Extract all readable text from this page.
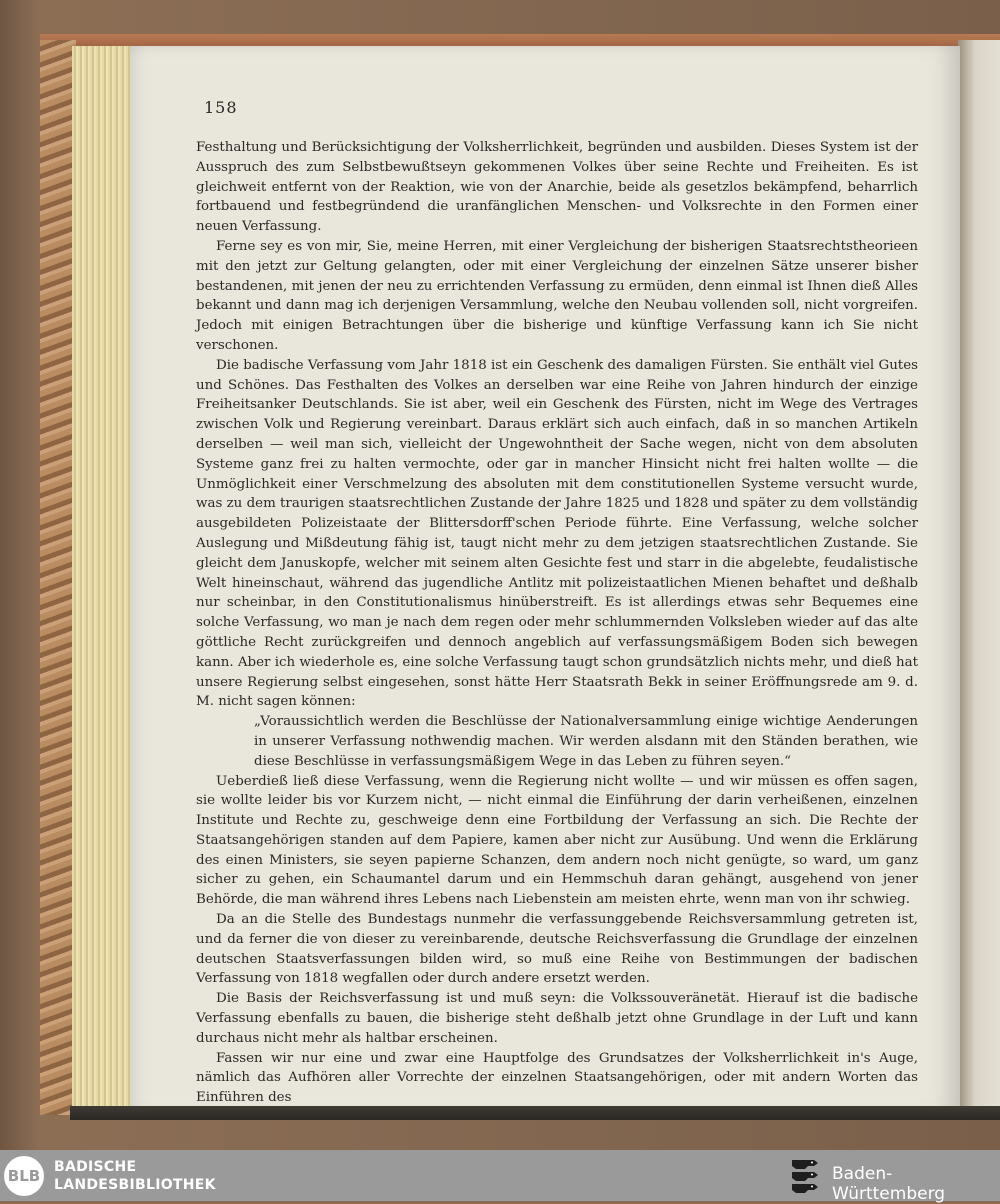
158

Festhaltung und Berücksichtigung der Volksherrlichkeit, begründen und ausbilden. Dieses System ist der Ausspruch des zum Selbstbewußtseyn gekommenen Volkes über seine Rechte und Freiheiten. Es ist gleichweit entfernt von der Reaktion, wie von der Anarchie, beide als gesetzlos bekämpfend, beharrlich fortbauend und festbegründend die uranfänglichen Menschen- und Volksrechte in den Formen einer neuen Verfassung.

Ferne sey es von mir, Sie, meine Herren, mit einer Vergleichung der bisherigen Staatsrechtstheorieen mit den jetzt zur Geltung gelangten, oder mit einer Vergleichung der einzelnen Sätze unserer bisher bestandenen, mit jenen der neu zu errichtenden Verfassung zu ermüden, denn einmal ist Ihnen dieß Alles bekannt und dann mag ich derjenigen Versammlung, welche den Neubau vollenden soll, nicht vorgreifen. Jedoch mit einigen Betrachtungen über die bisherige und künftige Verfassung kann ich Sie nicht verschonen.

Die badische Verfassung vom Jahr 1818 ist ein Geschenk des damaligen Fürsten. Sie enthält viel Gutes und Schönes. Das Festhalten des Volkes an derselben war eine Reihe von Jahren hindurch der einzige Freiheitsanker Deutschlands. Sie ist aber, weil ein Geschenk des Fürsten, nicht im Wege des Vertrages zwischen Volk und Regierung vereinbart. Daraus erklärt sich auch einfach, daß in so manchen Artikeln derselben — weil man sich, vielleicht der Ungewohntheit der Sache wegen, nicht von dem absoluten Systeme ganz frei zu halten vermochte, oder gar in mancher Hinsicht nicht frei halten wollte — die Unmöglichkeit einer Verschmelzung des absoluten mit dem constitutionellen Systeme versucht wurde, was zu dem traurigen staatsrechtlichen Zustande der Jahre 1825 und 1828 und später zu dem vollständig ausgebildeten Polizeistaate der Blittersdorff'schen Periode führte. Eine Verfassung, welche solcher Auslegung und Mißdeutung fähig ist, taugt nicht mehr zu dem jetzigen staatsrechtlichen Zustande. Sie gleicht dem Januskopfe, welcher mit seinem alten Gesichte fest und starr in die abgelebte, feudalistische Welt hineinschaut, während das jugendliche Antlitz mit polizeistaatlichen Mienen behaftet und deßhalb nur scheinbar, in den Constitutionalismus hinüberstreift. Es ist allerdings etwas sehr Bequemes eine solche Verfassung, wo man je nach dem regen oder mehr schlummernden Volksleben wieder auf das alte göttliche Recht zurückgreifen und dennoch angeblich auf verfassungsmäßigem Boden sich bewegen kann. Aber ich wiederhole es, eine solche Verfassung taugt schon grundsätzlich nichts mehr, und dieß hat unsere Regierung selbst eingesehen, sonst hätte Herr Staatsrath Bekk in seiner Eröffnungsrede am 9. d. M. nicht sagen können:

„Voraussichtlich werden die Beschlüsse der Nationalversammlung einige wichtige Aenderungen in unserer Verfassung nothwendig machen. Wir werden alsdann mit den Ständen berathen, wie diese Beschlüsse in verfassungsmäßigem Wege in das Leben zu führen seyen.“

Ueberdieß ließ diese Verfassung, wenn die Regierung nicht wollte — und wir müssen es offen sagen, sie wollte leider bis vor Kurzem nicht, — nicht einmal die Einführung der darin verheißenen, einzelnen Institute und Rechte zu, geschweige denn eine Fortbildung der Verfassung an sich. Die Rechte der Staatsangehörigen standen auf dem Papiere, kamen aber nicht zur Ausübung. Und wenn die Erklärung des einen Ministers, sie seyen papierne Schanzen, dem andern noch nicht genügte, so ward, um ganz sicher zu gehen, ein Schaumantel darum und ein Hemmschuh daran gehängt, ausgehend von jener Behörde, die man während ihres Lebens nach Liebenstein am meisten ehrte, wenn man von ihr schwieg.

Da an die Stelle des Bundestags nunmehr die verfassunggebende Reichsversammlung getreten ist, und da ferner die von dieser zu vereinbarende, deutsche Reichsverfassung die Grundlage der einzelnen deutschen Staatsverfassungen bilden wird, so muß eine Reihe von Bestimmungen der badischen Verfassung von 1818 wegfallen oder durch andere ersetzt werden.

Die Basis der Reichsverfassung ist und muß seyn: die Volkssouveränetät. Hierauf ist die badische Verfassung ebenfalls zu bauen, die bisherige steht deßhalb jetzt ohne Grundlage in der Luft und kann durchaus nicht mehr als haltbar erscheinen.

Fassen wir nur eine und zwar eine Hauptfolge des Grundsatzes der Volksherrlichkeit in's Auge, nämlich das Aufhören aller Vorrechte der einzelnen Staatsangehörigen, oder mit andern Worten das Einführen des

BLB BADISCHE
LANDESBIBLIOTHEK
Baden-Württemberg
